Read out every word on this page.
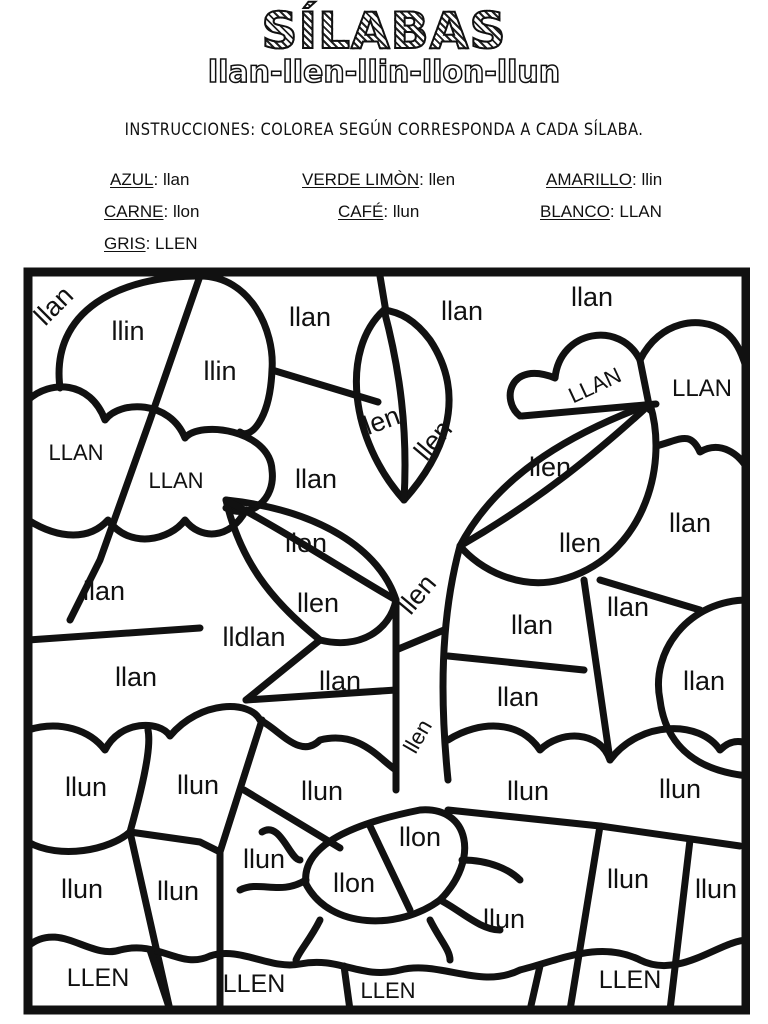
SÍLABAS
llan-llen-llin-llon-llun
INSTRUCCIONES: COLOREA SEGÚN CORRESPONDA A CADA SÍLABA.
AZUL: llan	VERDE LIMÒN: llen	AMARILLO: llin
CARNE: llon	CAFÉ: llun	BLANCO: LLAN
GRIS: LLEN
llan llin
llin
llan	llan	llan
LLAN LLAN
llen llen
LLAN
LLAN	llan	llen
llan
llen	llen
llan	llen llen	llan
lldlan	llan
llan	llan
llan
llan
llen
llun	llun	llun	llun	llun
llon
llun
llon
llun llun	llun llun
llun
LLEN	LLEN	LLEN	LLEN
